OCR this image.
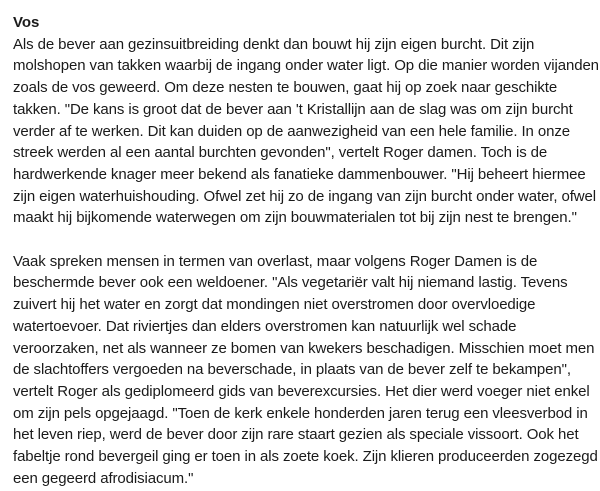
Vos

Als de bever aan gezinsuitbreiding denkt dan bouwt hij zijn eigen burcht. Dit zijn
molshopen van takken waarbij de ingang onder water ligt. Op die manier worden vijanden
zoals de vos geweerd. Om deze nesten te bouwen, gaat hij op zoek naar geschikte
takken. "De kans is groot dat de bever aan 't Kristallijn aan de slag was om zijn burcht
verder af te werken. Dit kan duiden op de aanwezigheid van een hele familie. In onze
streek werden al een aantal burchten gevonden", vertelt Roger damen. Toch is de
hardwerkende knager meer bekend als fanatieke dammenbouwer. "Hij beheert hiermee
zijn eigen waterhuishouding. Ofwel zet hij zo de ingang van zijn burcht onder water, ofwel
maakt hij bijkomende waterwegen om zijn bouwmaterialen tot bij zijn nest te brengen."

Vaak spreken mensen in termen van overlast, maar volgens Roger Damen is de
beschermde bever ook een weldoener. "Als vegetariër valt hij niemand lastig. Tevens
zuivert hij het water en zorgt dat mondingen niet overstromen door overvloedige
watertoevoer. Dat riviertjes dan elders overstromen kan natuurlijk wel schade
veroorzaken, net als wanneer ze bomen van kwekers beschadigen. Misschien moet men
de slachtoffers vergoeden na beverschade, in plaats van de bever zelf te bekampen",
vertelt Roger als gediplomeerd gids van beverexcursies. Het dier werd voeger niet enkel
om zijn pels opgejaagd. "Toen de kerk enkele honderden jaren terug een vleesverbod in
het leven riep, werd de bever door zijn rare staart gezien als speciale vissoort. Ook het
fabeltje rond bevergeil ging er toen in als zoete koek. Zijn klieren produceerden zogezegd
een gegeerd afrodisiacum."
